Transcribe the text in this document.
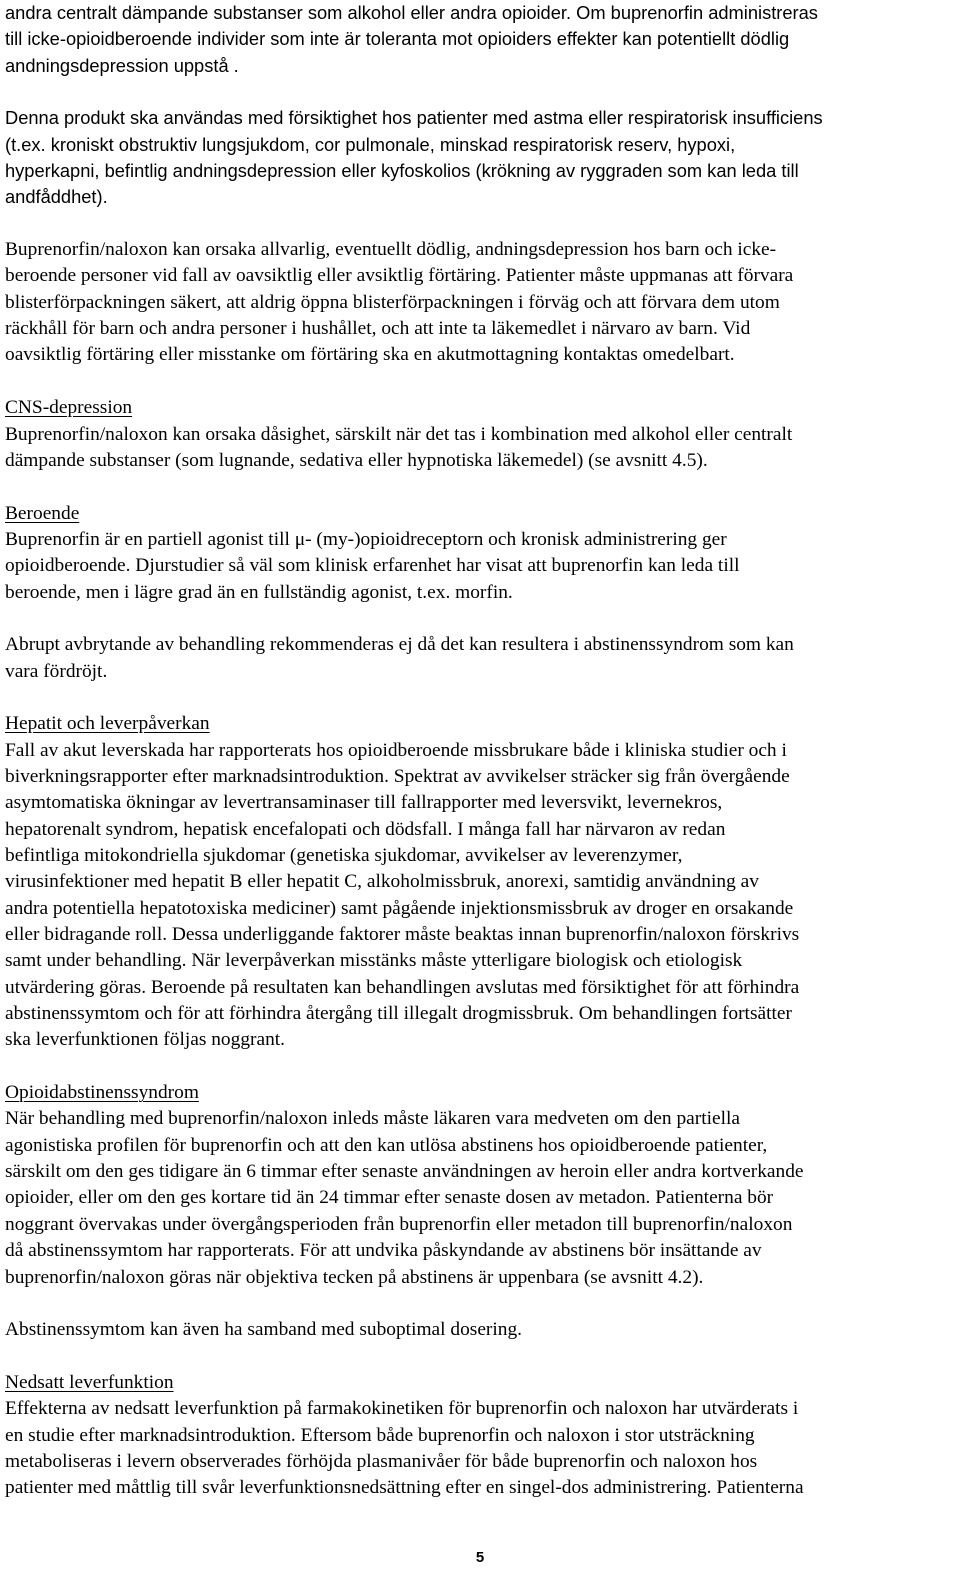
andra centralt dämpande substanser som alkohol eller andra opioider. Om buprenorfin administreras
till icke-opioidberoende individer som inte är toleranta mot opioiders effekter kan potentiellt dödlig
andningsdepression uppstå .

Denna produkt ska användas med försiktighet hos patienter med astma eller respiratorisk insufficiens
(t.ex. kroniskt obstruktiv lungsjukdom, cor pulmonale, minskad respiratorisk reserv, hypoxi,
hyperkapni, befintlig andningsdepression eller kyfoskolios (krökning av ryggraden som kan leda till
andfåddhet).

Buprenorfin/naloxon kan orsaka allvarlig, eventuellt dödlig, andningsdepression hos barn och icke-
beroende personer vid fall av oavsiktlig eller avsiktlig förtäring. Patienter måste uppmanas att förvara
blisterförpackningen säkert, att aldrig öppna blisterförpackningen i förväg och att förvara dem utom
räckhåll för barn och andra personer i hushållet, och att inte ta läkemedlet i närvaro av barn. Vid
oavsiktlig förtäring eller misstanke om förtäring ska en akutmottagning kontaktas omedelbart.

CNS-depression
Buprenorfin/naloxon kan orsaka dåsighet, särskilt när det tas i kombination med alkohol eller centralt
dämpande substanser (som lugnande, sedativa eller hypnotiska läkemedel) (se avsnitt 4.5).

Beroende
Buprenorfin är en partiell agonist till μ- (my-)opioidreceptorn och kronisk administrering ger
opioidberoende. Djurstudier så väl som klinisk erfarenhet har visat att buprenorfin kan leda till
beroende, men i lägre grad än en fullständig agonist, t.ex. morfin.

Abrupt avbrytande av behandling rekommenderas ej då det kan resultera i abstinenssyndrom som kan
vara fördröjt.

Hepatit och leverpåverkan
Fall av akut leverskada har rapporterats hos opioidberoende missbrukare både i kliniska studier och i
biverkningsrapporter efter marknadsintroduktion. Spektrat av avvikelser sträcker sig från övergående
asymtomatiska ökningar av levertransaminaser till fallrapporter med leversvikt, levernekros,
hepatorenalt syndrom, hepatisk encefalopati och dödsfall. I många fall har närvaron av redan
befintliga mitokondriella sjukdomar (genetiska sjukdomar, avvikelser av leverenzymer,
virusinfektioner med hepatit B eller hepatit C, alkoholmissbruk, anorexi, samtidig användning av
andra potentiella hepatotoxiska mediciner) samt pågående injektionsmissbruk av droger en orsakande
eller bidragande roll. Dessa underliggande faktorer måste beaktas innan buprenorfin/naloxon förskrivs
samt under behandling. När leverpåverkan misstänks måste ytterligare biologisk och etiologisk
utvärdering göras. Beroende på resultaten kan behandlingen avslutas med försiktighet för att förhindra
abstinenssymtom och för att förhindra återgång till illegalt drogmissbruk. Om behandlingen fortsätter
ska leverfunktionen följas noggrant.

Opioidabstinenssyndrom
När behandling med buprenorfin/naloxon inleds måste läkaren vara medveten om den partiella
agonistiska profilen för buprenorfin och att den kan utlösa abstinens hos opioidberoende patienter,
särskilt om den ges tidigare än 6 timmar efter senaste användningen av heroin eller andra kortverkande
opioider, eller om den ges kortare tid än 24 timmar efter senaste dosen av metadon. Patienterna bör
noggrant övervakas under övergångsperioden från buprenorfin eller metadon till buprenorfin/naloxon
då abstinenssymtom har rapporterats. För att undvika påskyndande av abstinens bör insättande av
buprenorfin/naloxon göras när objektiva tecken på abstinens är uppenbara (se avsnitt 4.2).

Abstinenssymtom kan även ha samband med suboptimal dosering.

Nedsatt leverfunktion
Effekterna av nedsatt leverfunktion på farmakokinetiken för buprenorfin och naloxon har utvärderats i
en studie efter marknadsintroduktion. Eftersom både buprenorfin och naloxon i stor utsträckning
metaboliseras i levern observerades förhöjda plasmanivåer för både buprenorfin och naloxon hos
patienter med måttlig till svår leverfunktionsnedsättning efter en singel-dos administrering. Patienterna

5
